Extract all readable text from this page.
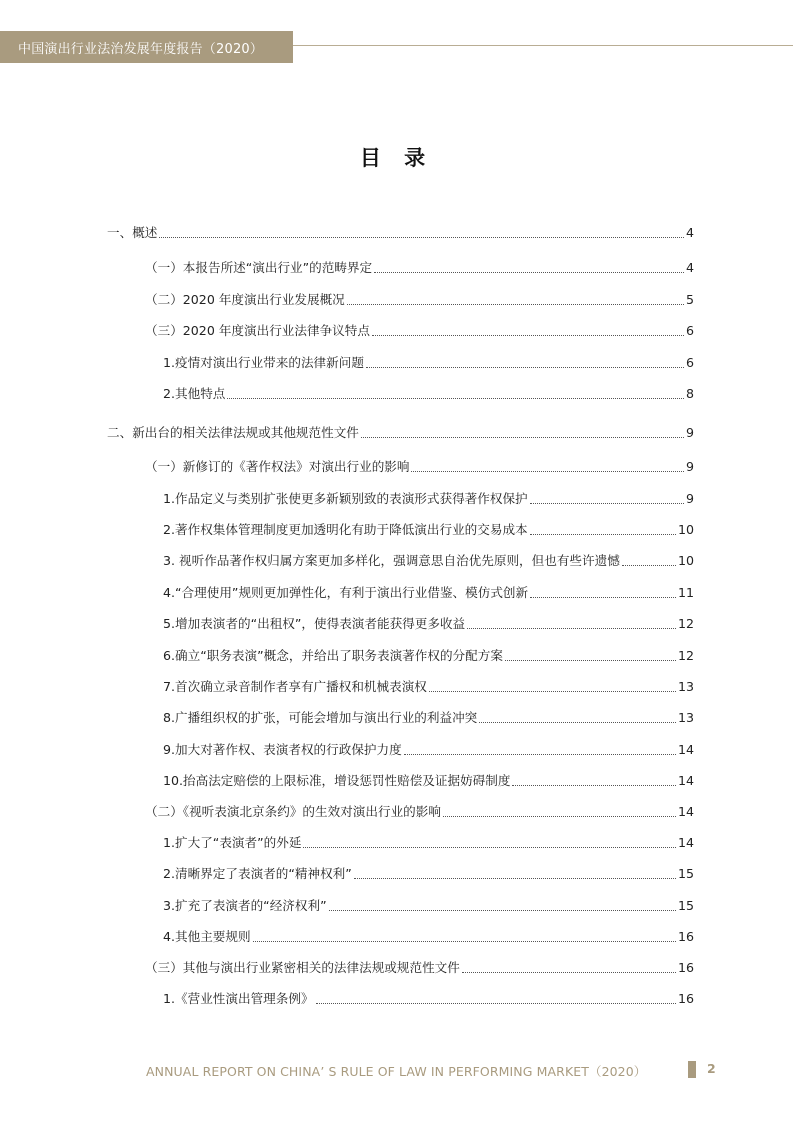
中国演出行业法治发展年度报告（2020）
目 录
一、概述	4
（一）本报告所述“演出行业”的范畴界定	4
（二）2020 年度演出行业发展概况	5
（三）2020 年度演出行业法律争议特点	6
1.疫情对演出行业带来的法律新问题	6
2.其他特点	8
二、新出台的相关法律法规或其他规范性文件	9
（一）新修订的《著作权法》对演出行业的影响	9
1.作品定义与类别扩张使更多新颖别致的表演形式获得著作权保护	9
2.著作权集体管理制度更加透明化有助于降低演出行业的交易成本	10
3. 视听作品著作权归属方案更加多样化，强调意思自治优先原则，但也有些许遗憾	10
4.“合理使用”规则更加弹性化，有利于演出行业借鉴、模仿式创新	11
5.增加表演者的“出租权”，使得表演者能获得更多收益	12
6.确立“职务表演”概念，并给出了职务表演著作权的分配方案	12
7.首次确立录音制作者享有广播权和机械表演权	13
8.广播组织权的扩张，可能会增加与演出行业的利益冲突	13
9.加大对著作权、表演者权的行政保护力度	14
10.抬高法定赔偿的上限标准，增设惩罚性赔偿及证据妨碍制度	14
（二）《视听表演北京条约》的生效对演出行业的影响	14
1.扩大了“表演者”的外延	14
2.清晰界定了表演者的“精神权利”	15
3.扩充了表演者的“经济权利”	15
4.其他主要规则	16
（三）其他与演出行业紧密相关的法律法规或规范性文件	16
1.《营业性演出管理条例》	16
ANNUAL REPORT ON CHINA’ S RULE OF LAW IN PERFORMING MARKET（2020）	2
